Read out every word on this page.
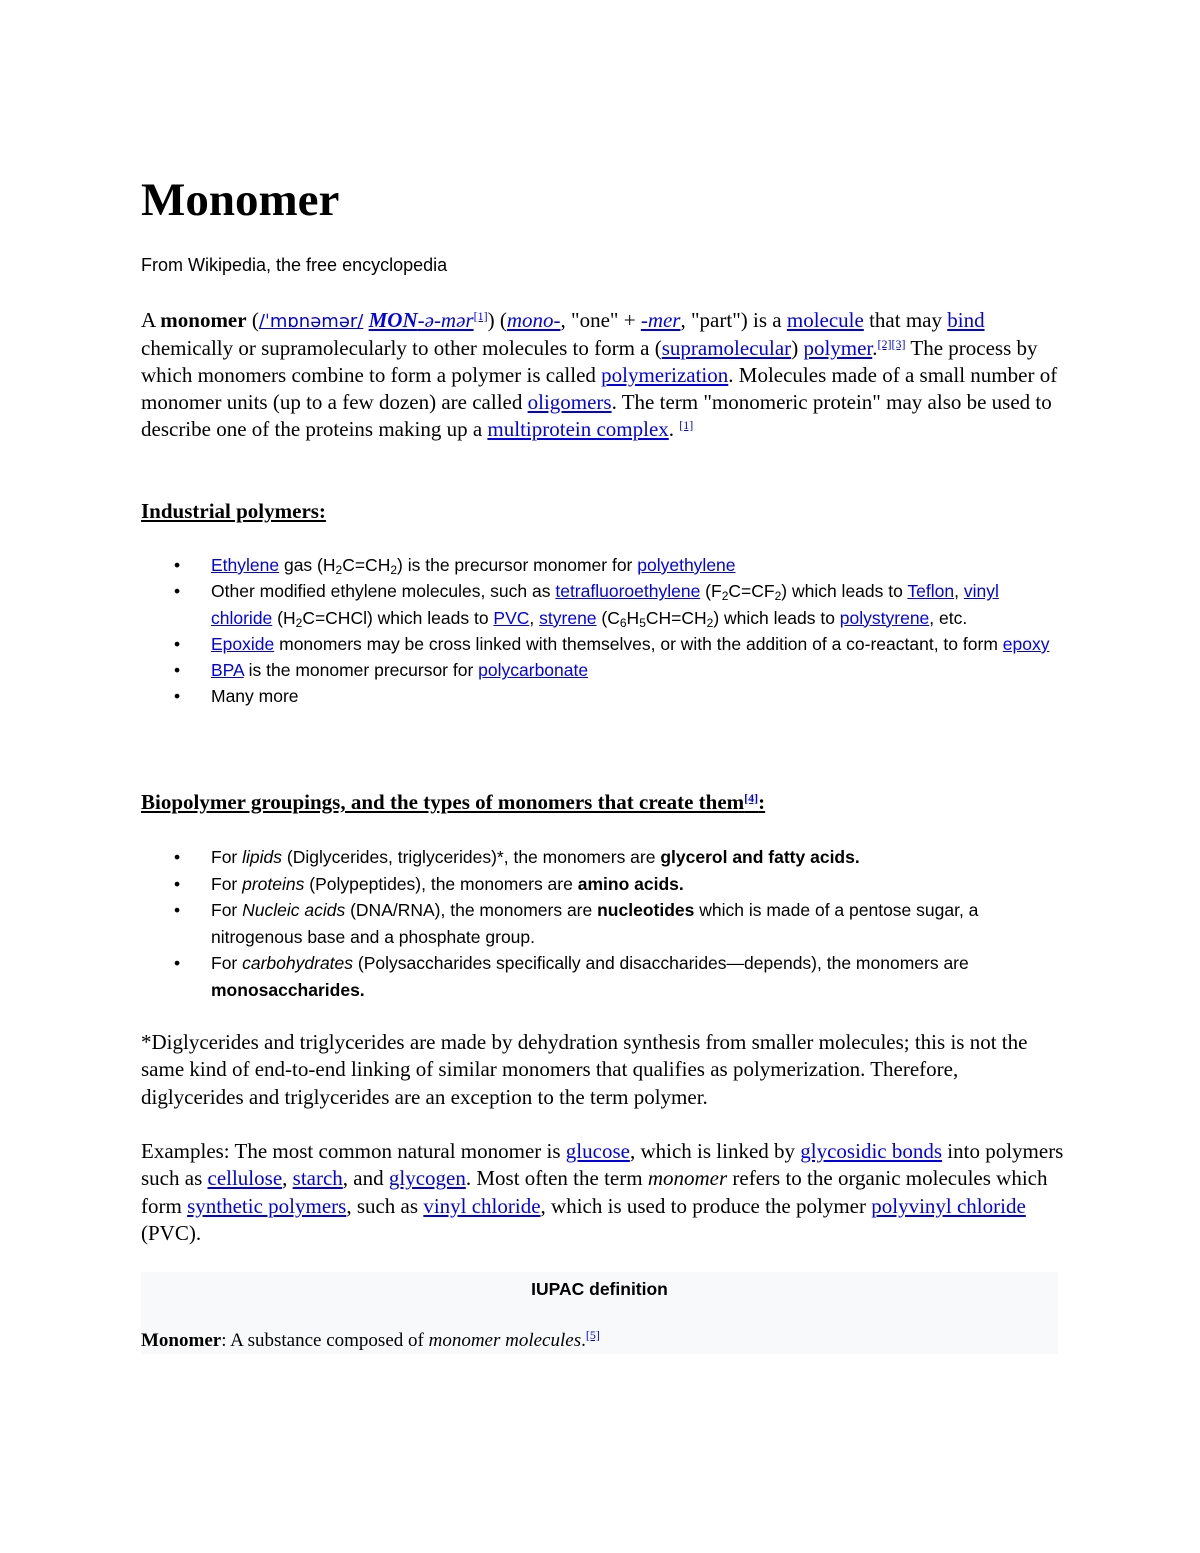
Monomer

From Wikipedia, the free encyclopedia

A monomer (/ˈmɒnəmər/ MON-ə-mər[1]) (mono-, "one" + -mer, "part") is a molecule that may bind chemically or supramolecularly to other molecules to form a (supramolecular) polymer.[2][3] The process by which monomers combine to form a polymer is called polymerization. Molecules made of a small number of monomer units (up to a few dozen) are called oligomers. The term "monomeric protein" may also be used to describe one of the proteins making up a multiprotein complex. [1]

Industrial polymers:
• Ethylene gas $(H_2C=CH_2)$ is the precursor monomer for polyethylene
• Other modified ethylene molecules, such as tetrafluoroethylene $(F_2C=CF_2)$ which leads to Teflon, vinyl chloride $(H_2C=CHCl)$ which leads to PVC, styrene $(C_6H_5CH=CH_2)$ which leads to polystyrene, etc.
• Epoxide monomers may be cross linked with themselves, or with the addition of a co-reactant, to form epoxy
• BPA is the monomer precursor for polycarbonate
• Many more
Biopolymer groupings, and the types of monomers that create them[4]:
• For lipids (Diglycerides, triglycerides)*, the monomers are glycerol and fatty acids.
• For proteins (Polypeptides), the monomers are amino acids.
• For Nucleic acids (DNA/RNA), the monomers are nucleotides which is made of a pentose sugar, a nitrogenous base and a phosphate group.
• For carbohydrates (Polysaccharides specifically and disaccharides—depends), the monomers are monosaccharides.

*Diglycerides and triglycerides are made by dehydration synthesis from smaller molecules; this is not the same kind of end-to-end linking of similar monomers that qualifies as polymerization. Therefore, diglycerides and triglycerides are an exception to the term polymer.

Examples: The most common natural monomer is glucose, which is linked by glycosidic bonds into polymers such as cellulose, starch, and glycogen. Most often the term monomer refers to the organic molecules which form synthetic polymers, such as vinyl chloride, which is used to produce the polymer polyvinyl chloride (PVC).

IUPAC definition

Monomer: A substance composed of monomer molecules.[5]
